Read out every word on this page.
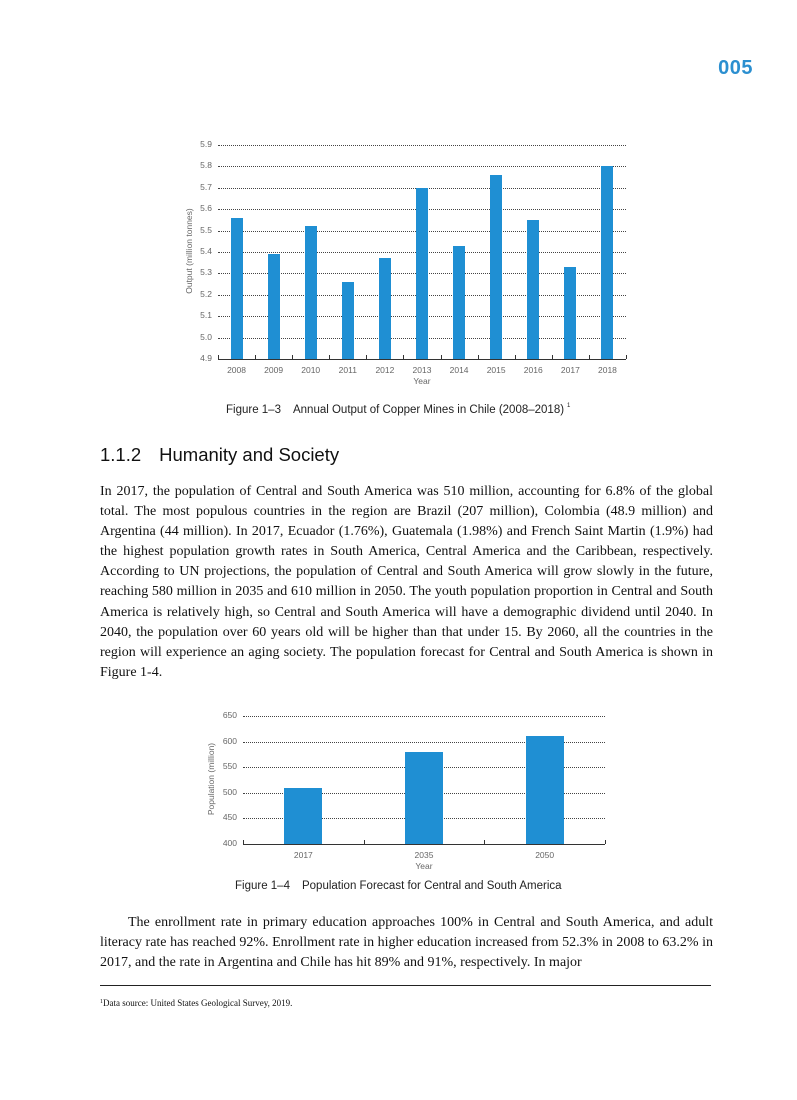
005
4.9
5.0
5.1
5.2
5.3
5.4
5.5
5.6
5.7
5.8
5.9
2008	2009	2010	2011	2012	2013	2014	2015	2016	2017	2018
Year
Output (million tonnes)
Figure 1–3 Annual Output of Copper Mines in Chile (2008–2018) $^1$
1.1.2 Humanity and Society
In 2017, the population of Central and South America was 510 million, accounting for 6.8% of the global total. The most populous countries in the region are Brazil (207 million), Colombia (48.9 million) and Argentina (44 million). In 2017, Ecuador (1.76%), Guatemala (1.98%) and French Saint Martin (1.9%) had the highest population growth rates in South America, Central America and the Caribbean, respectively. According to UN projections, the population of Central and South America will grow slowly in the future, reaching 580 million in 2035 and 610 million in 2050. The youth population proportion in Central and South America is relatively high, so Central and South America will have a demographic dividend until 2040. In 2040, the population over 60 years old will be higher than that under 15. By 2060, all the countries in the region will experience an aging society. The population forecast for Central and South America is shown in Figure 1-4.
400
450
500
550
600
650
2017	2035	2050
Year
Population (million)
Figure 1–4 Population Forecast for Central and South America
The enrollment rate in primary education approaches 100% in Central and South America, and adult literacy rate has reached 92%. Enrollment rate in higher education increased from 52.3% in 2008 to 63.2% in 2017, and the rate in Argentina and Chile has hit 89% and 91%, respectively. In major
$^1$Data source: United States Geological Survey, 2019.
